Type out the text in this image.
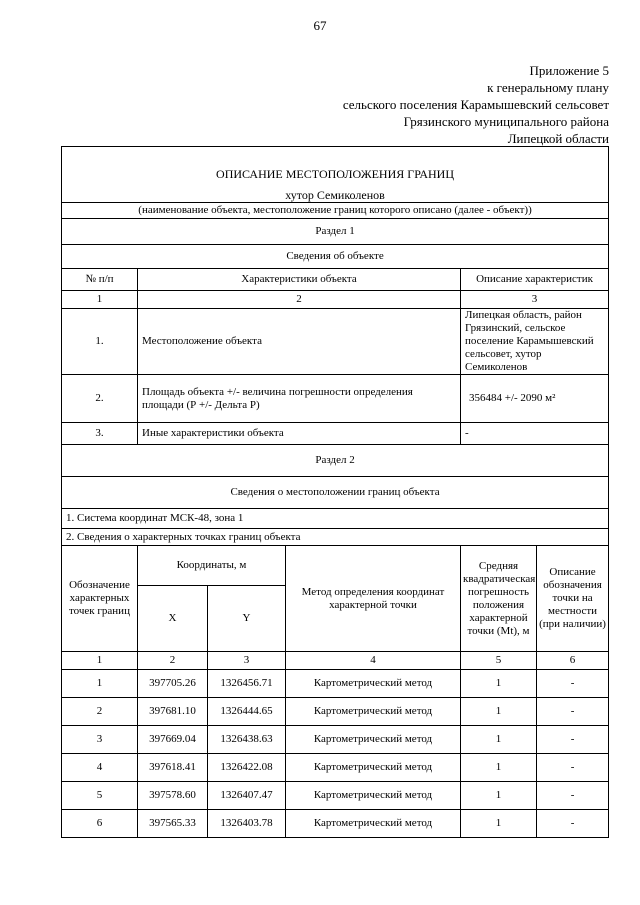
67
Приложение 5
к генеральному плану
сельского поселения Карамышевский сельсовет
Грязинского муниципального района
Липецкой области
ОПИСАНИЕ МЕСТОПОЛОЖЕНИЯ ГРАНИЦ					
хутор Семиколенов					
(наименование объекта, местоположение границ которого описано (далее - объект))					
Раздел 1					
Сведения об объекте					
№ п/п	Характеристики объекта			Описание характеристик	
1	2			3	
1.	Местоположение объекта			Липецкая область, район Грязинский, сельское поселение Карамышевский сельсовет, хутор Семиколенов	
2.	Площадь объекта +/- величина погрешности определения площади (Р +/- Дельта Р)			356484 +/- 2090 м²	
3.	Иные характеристики объекта			-	
Раздел 2					
Сведения о местоположении границ объекта					
1. Система координат МСК-48, зона 1					
2. Сведения о характерных точках границ объекта					
Обозначение характерных точек границ	Координаты, м		Метод определения координат характерной точки	Средняя квадратическая погрешность положения характерной точки (Mt), м	Описание обозначения точки на местности (при наличии)
	X	Y			
1	2	3	4	5	6
1	397705.26	1326456.71	Картометрический метод	1	-
2	397681.10	1326444.65	Картометрический метод	1	-
3	397669.04	1326438.63	Картометрический метод	1	-
4	397618.41	1326422.08	Картометрический метод	1	-
5	397578.60	1326407.47	Картометрический метод	1	-
6	397565.33	1326403.78	Картометрический метод	1	-
